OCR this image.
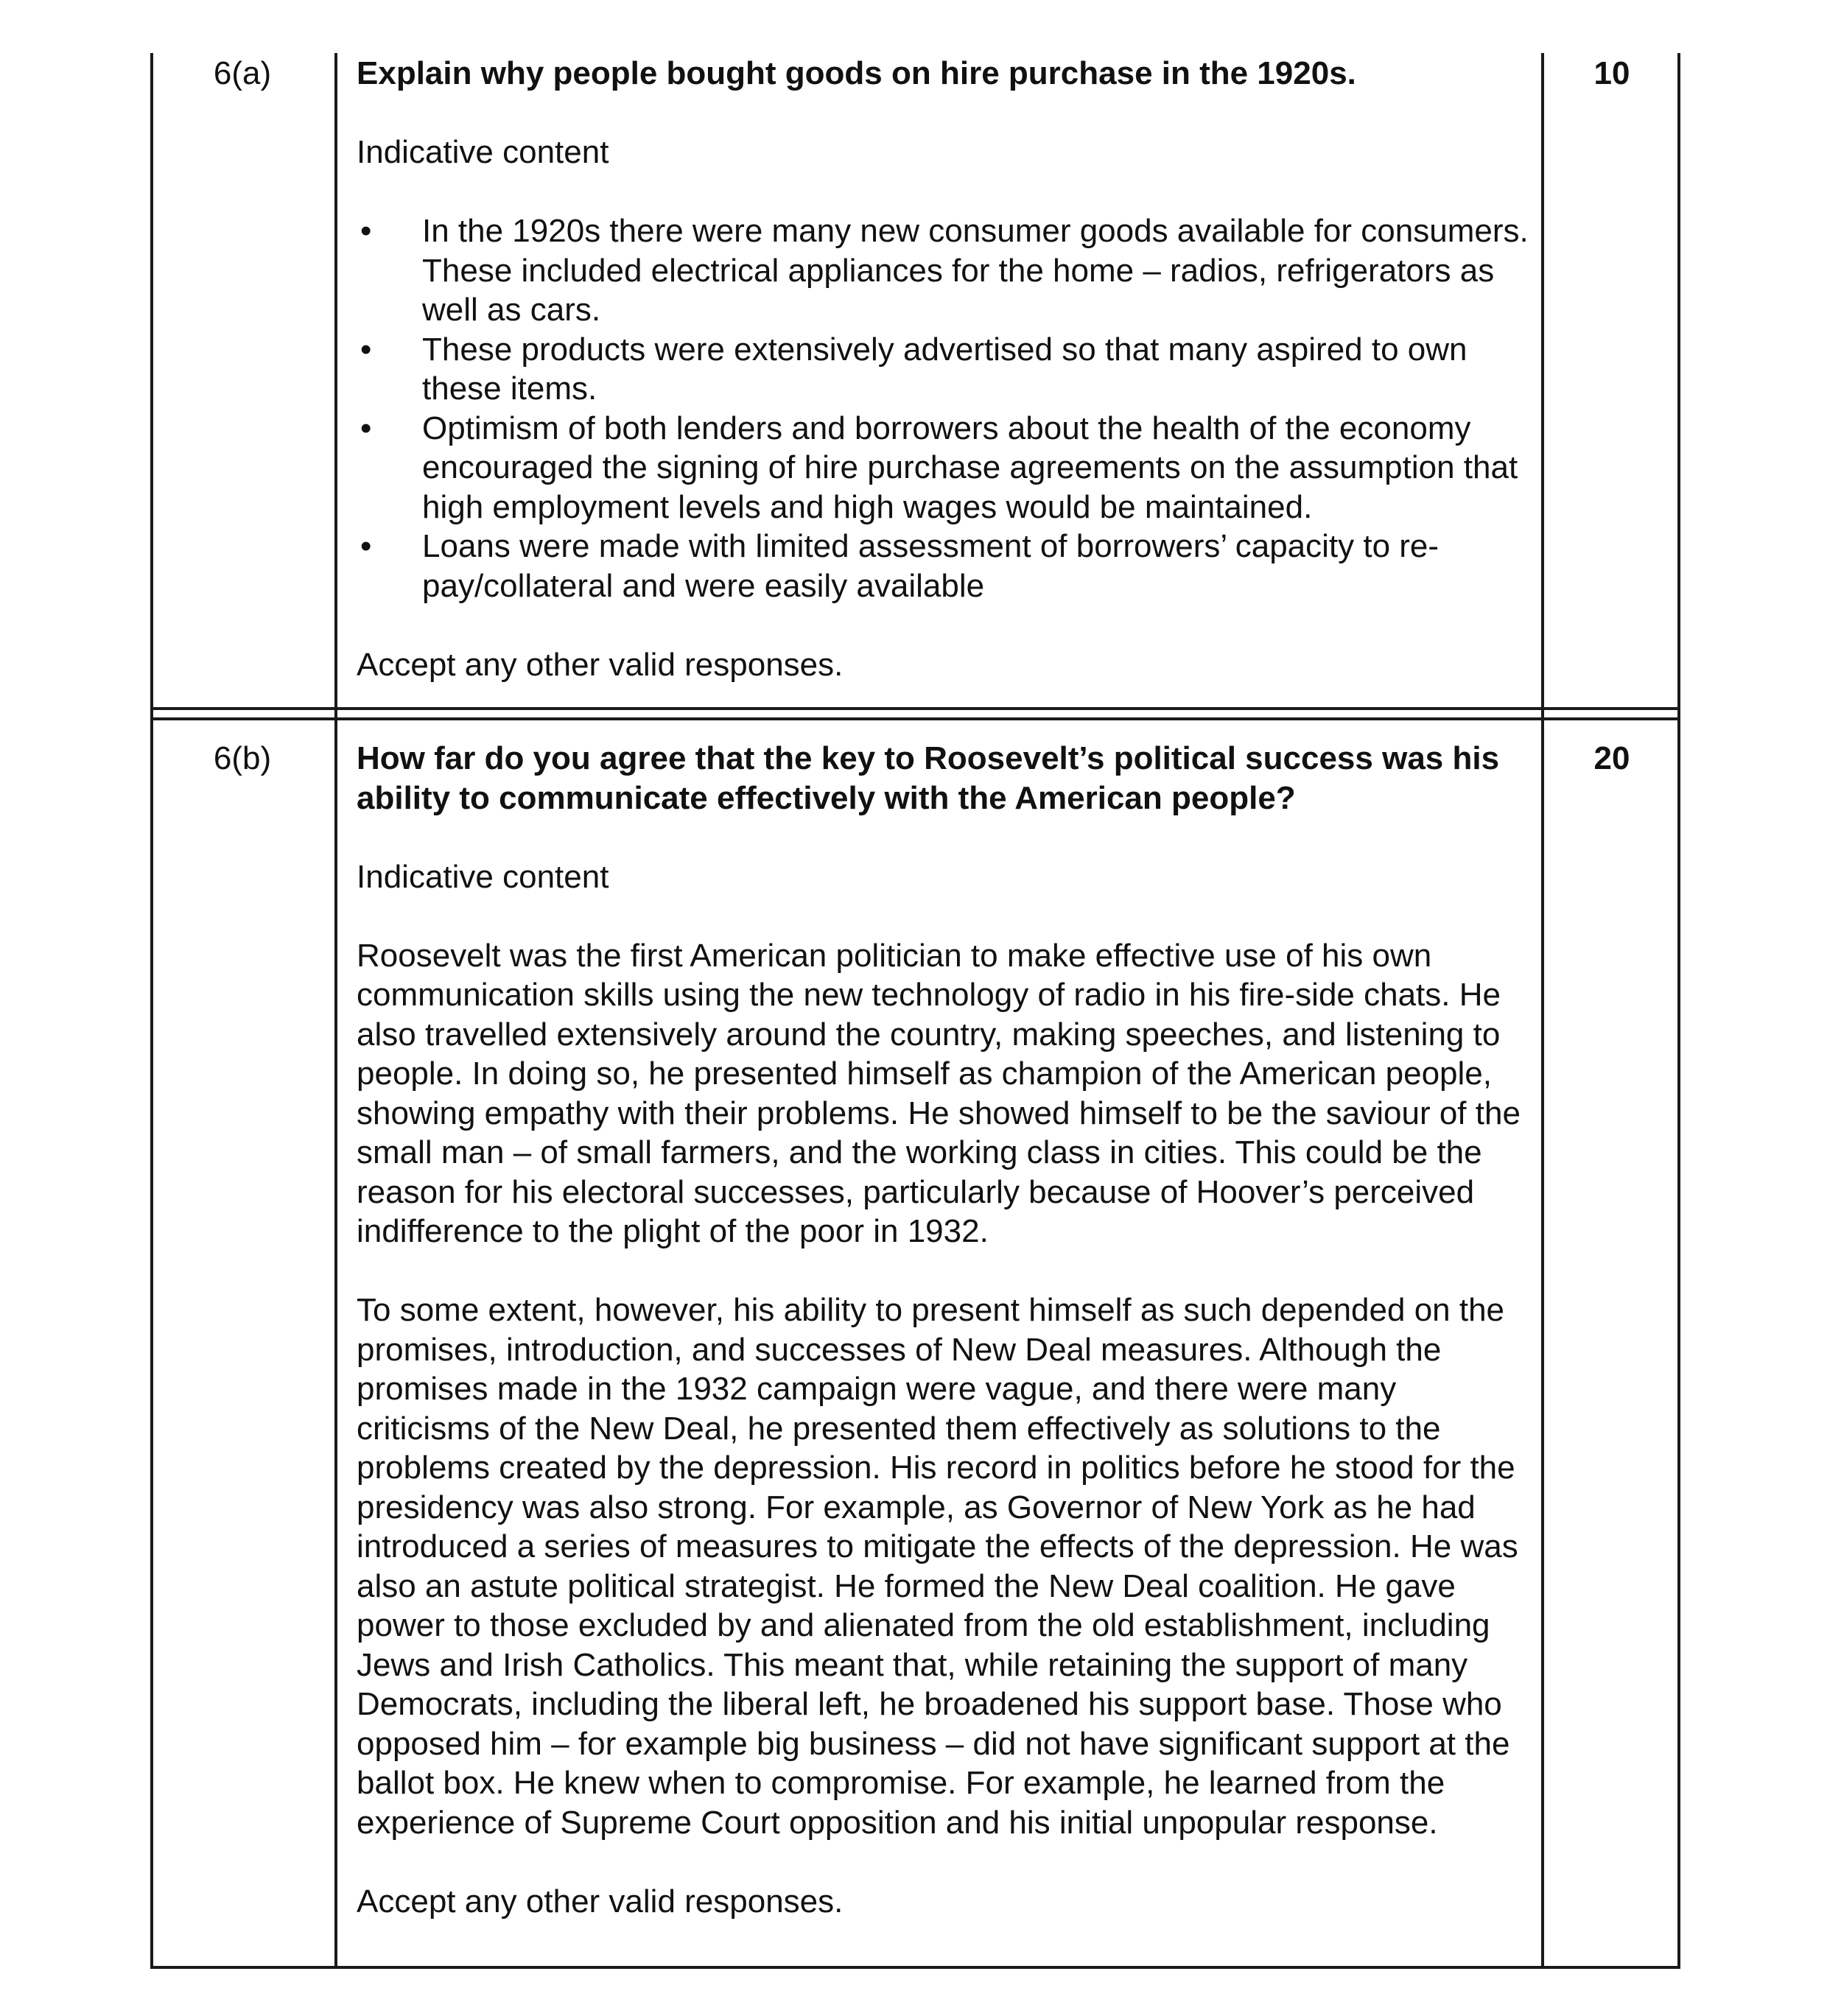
6(a)	10

Explain why people bought goods on hire purchase in the 1920s.

Indicative content

• In the 1920s there were many new consumer goods available for consumers. These included electrical appliances for the home – radios, refrigerators as well as cars.
• These products were extensively advertised so that many aspired to own these items.
• Optimism of both lenders and borrowers about the health of the economy encouraged the signing of hire purchase agreements on the assumption that high employment levels and high wages would be maintained.
• Loans were made with limited assessment of borrowers’ capacity to re-pay/collateral and were easily available

Accept any other valid responses.

6(b)	20

How far do you agree that the key to Roosevelt’s political success was his ability to communicate effectively with the American people?

Indicative content

Roosevelt was the first American politician to make effective use of his own communication skills using the new technology of radio in his fire-side chats. He also travelled extensively around the country, making speeches, and listening to people. In doing so, he presented himself as champion of the American people, showing empathy with their problems. He showed himself to be the saviour of the small man – of small farmers, and the working class in cities. This could be the reason for his electoral successes, particularly because of Hoover’s perceived indifference to the plight of the poor in 1932.

To some extent, however, his ability to present himself as such depended on the promises, introduction, and successes of New Deal measures. Although the promises made in the 1932 campaign were vague, and there were many criticisms of the New Deal, he presented them effectively as solutions to the problems created by the depression. His record in politics before he stood for the presidency was also strong. For example, as Governor of New York as he had introduced a series of measures to mitigate the effects of the depression. He was also an astute political strategist. He formed the New Deal coalition. He gave power to those excluded by and alienated from the old establishment, including Jews and Irish Catholics. This meant that, while retaining the support of many Democrats, including the liberal left, he broadened his support base. Those who opposed him – for example big business – did not have significant support at the ballot box. He knew when to compromise. For example, he learned from the experience of Supreme Court opposition and his initial unpopular response.

Accept any other valid responses.
